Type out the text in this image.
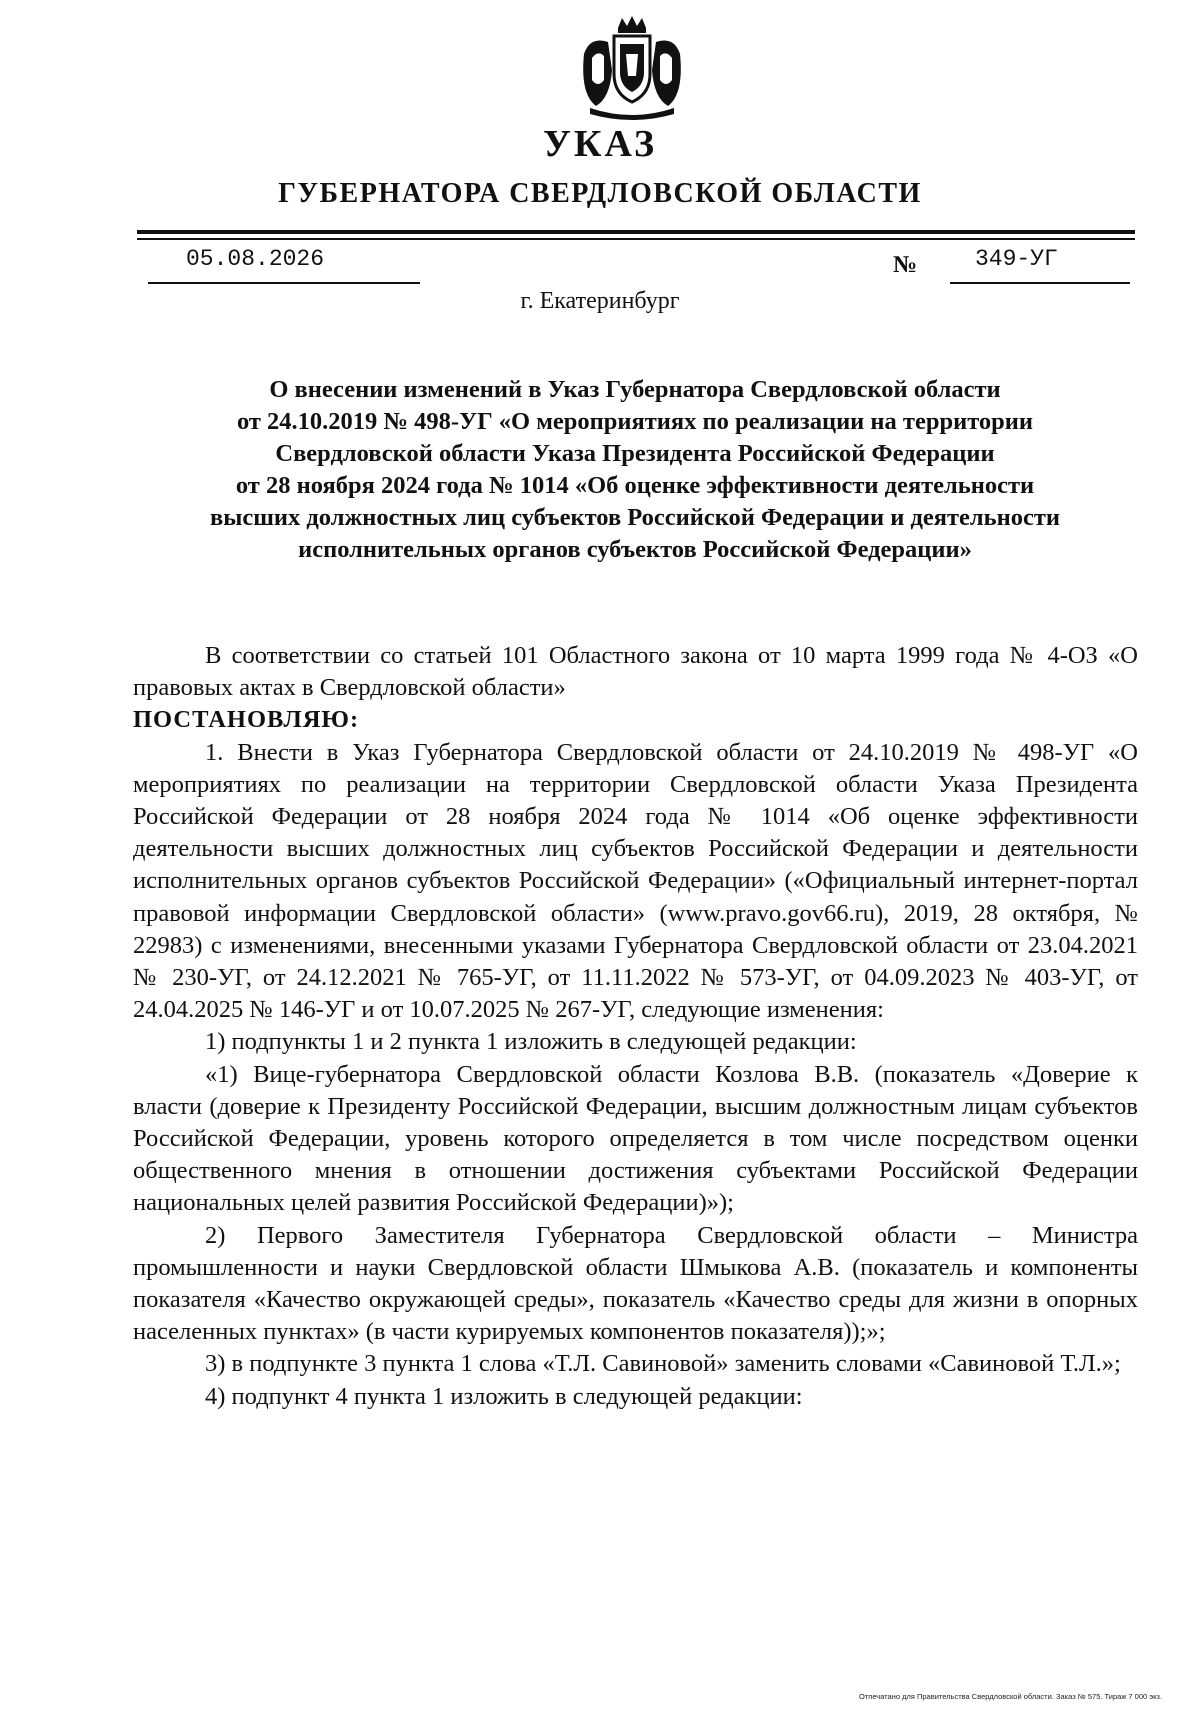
УКАЗ
ГУБЕРНАТОРА СВЕРДЛОВСКОЙ ОБЛАСТИ
05.08.2026	№	349-УГ
г. Екатеринбург
О внесении изменений в Указ Губернатора Свердловской области
от 24.10.2019 № 498-УГ «О мероприятиях по реализации на территории
Свердловской области Указа Президента Российской Федерации
от 28 ноября 2024 года № 1014 «Об оценке эффективности деятельности
высших должностных лиц субъектов Российской Федерации и деятельности
исполнительных органов субъектов Российской Федерации»

В соответствии со статьей 101 Областного закона от 10 марта 1999 года № 4-ОЗ «О правовых актах в Свердловской области»

ПОСТАНОВЛЯЮ:

1. Внести в Указ Губернатора Свердловской области от 24.10.2019 № 498-УГ «О мероприятиях по реализации на территории Свердловской области Указа Президента Российской Федерации от 28 ноября 2024 года № 1014 «Об оценке эффективности деятельности высших должностных лиц субъектов Российской Федерации и деятельности исполнительных органов субъектов Российской Федерации» («Официальный интернет-портал правовой информации Свердловской области» (www.pravo.gov66.ru), 2019, 28 октября, № 22983) с изменениями, внесенными указами Губернатора Свердловской области от 23.04.2021 № 230-УГ, от 24.12.2021 № 765-УГ, от 11.11.2022 № 573-УГ, от 04.09.2023 № 403-УГ, от 24.04.2025 № 146-УГ и от 10.07.2025 № 267-УГ, следующие изменения:

1) подпункты 1 и 2 пункта 1 изложить в следующей редакции:

«1) Вице-губернатора Свердловской области Козлова В.В. (показатель «Доверие к власти (доверие к Президенту Российской Федерации, высшим должностным лицам субъектов Российской Федерации, уровень которого определяется в том числе посредством оценки общественного мнения в отношении достижения субъектами Российской Федерации национальных целей развития Российской Федерации)»);

2) Первого Заместителя Губернатора Свердловской области – Министра промышленности и науки Свердловской области Шмыкова А.В. (показатель и компоненты показателя «Качество окружающей среды», показатель «Качество среды для жизни в опорных населенных пунктах» (в части курируемых компонентов показателя));»;

3) в подпункте 3 пункта 1 слова «Т.Л. Савиновой» заменить словами «Савиновой Т.Л.»;

4) подпункт 4 пункта 1 изложить в следующей редакции:

Отпечатано для Правительства Свердловской области. Заказ № 575. Тираж 7 000 экз.
